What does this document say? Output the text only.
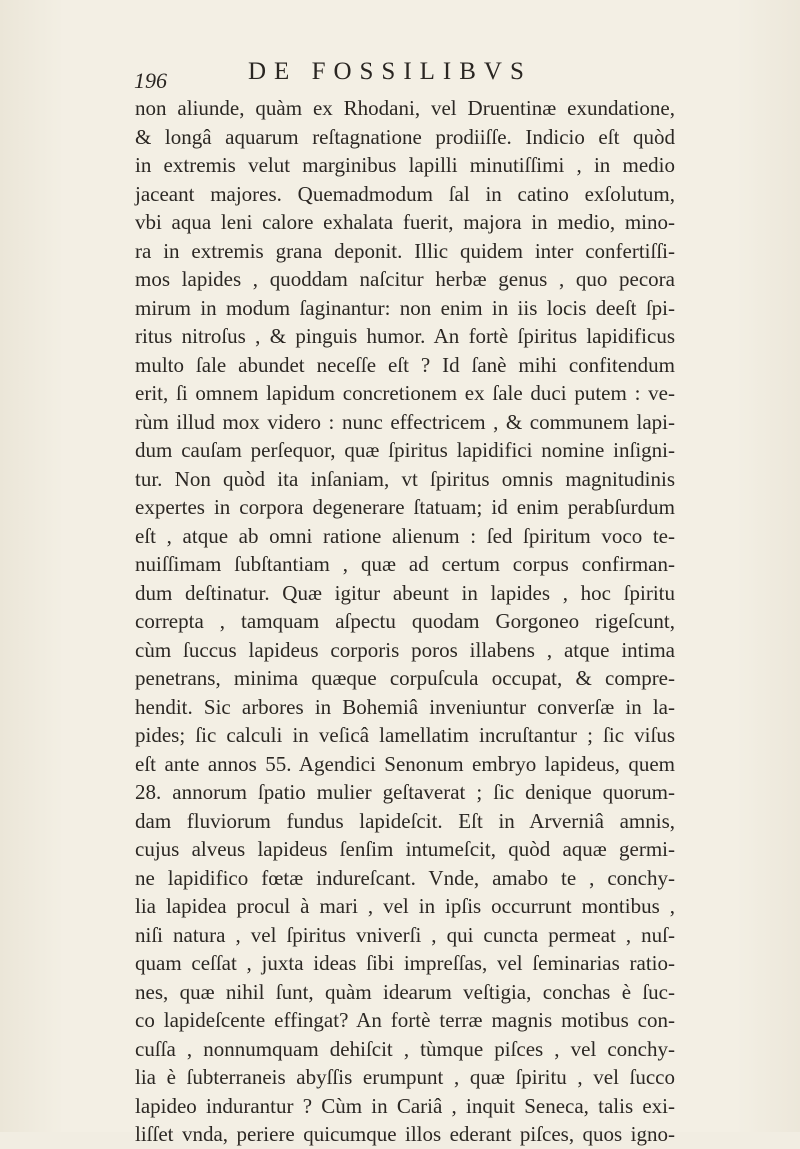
196	DE FOSSILIBVS
non aliunde, quàm ex Rhodani, vel Druentinæ exundatione,
& longâ aquarum reſtagnatione prodiiſſe. Indicio eſt quòd
in extremis velut marginibus lapilli minutiſſimi , in medio
jaceant majores. Quemadmodum ſal in catino exſolutum,
vbi aqua leni calore exhalata fuerit, majora in medio, mino-
ra in extremis grana deponit. Illic quidem inter confertiſſi-
mos lapides , quoddam naſcitur herbæ genus , quo pecora
mirum in modum ſaginantur: non enim in iis locis deeſt ſpi-
ritus nitroſus , & pinguis humor. An fortè ſpiritus lapidificus
multo ſale abundet neceſſe eſt ? Id ſanè mihi confitendum
erit, ſi omnem lapidum concretionem ex ſale duci putem : ve-
rùm illud mox videro : nunc effectricem , & communem lapi-
dum cauſam perſequor, quæ ſpiritus lapidifici nomine inſigni-
tur. Non quòd ita inſaniam, vt ſpiritus omnis magnitudinis
expertes in corpora degenerare ſtatuam; id enim perabſurdum
eſt , atque ab omni ratione alienum : ſed ſpiritum voco te-
nuiſſimam ſubſtantiam , quæ ad certum corpus confirman-
dum deſtinatur. Quæ igitur abeunt in lapides , hoc ſpiritu
correpta , tamquam aſpectu quodam Gorgoneo rigeſcunt,
cùm ſuccus lapideus corporis poros illabens , atque intima
penetrans, minima quæque corpuſcula occupat, & compre-
hendit. Sic arbores in Bohemiâ inveniuntur converſæ in la-
pides; ſic calculi in veſicâ lamellatim incruſtantur ; ſic viſus
eſt ante annos 55. Agendici Senonum embryo lapideus, quem
28. annorum ſpatio mulier geſtaverat ; ſic denique quorum-
dam fluviorum fundus lapideſcit. Eſt in Arverniâ amnis,
cujus alveus lapideus ſenſim intumeſcit, quòd aquæ germi-
ne lapidifico fœtæ indureſcant. Vnde, amabo te , conchy-
lia lapidea procul à mari , vel in ipſis occurrunt montibus ,
niſi natura , vel ſpiritus vniverſi , qui cuncta permeat , nuſ-
quam ceſſat , juxta ideas ſibi impreſſas, vel ſeminarias ratio-
nes, quæ nihil ſunt, quàm idearum veſtigia, conchas è ſuc-
co lapideſcente effingat? An fortè terræ magnis motibus con-
cuſſa , nonnumquam dehiſcit , tùmque piſces , vel conchy-
lia è ſubterraneis abyſſis erumpunt , quæ ſpiritu , vel ſucco
lapideo indurantur ? Cùm in Cariâ , inquit Seneca, talis exi-
liſſet vnda, periere quicumque illos ederant piſces, quos igno-
